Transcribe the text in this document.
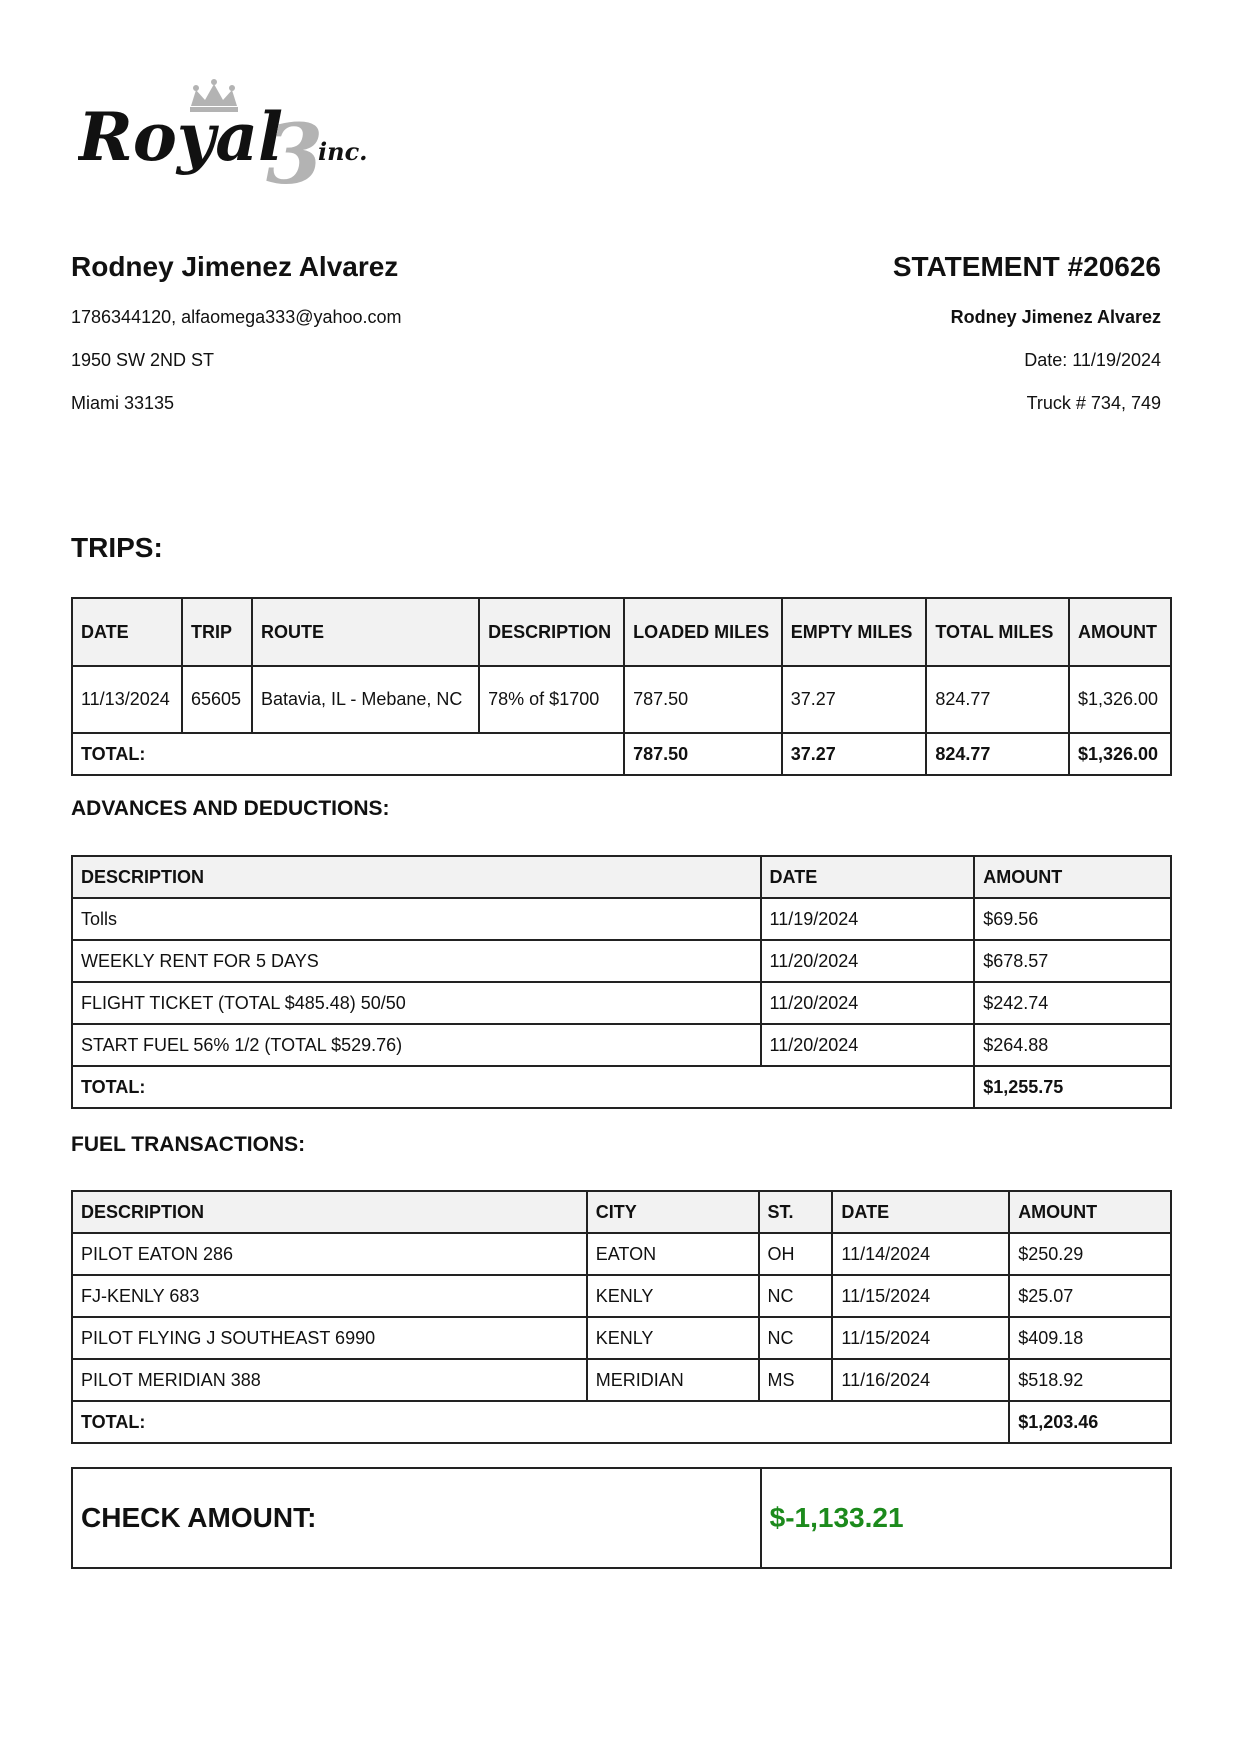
Royal
3
inc.
Rodney Jimenez Alvarez
1786344120, alfaomega333@yahoo.com
1950 SW 2ND ST
Miami 33135
STATEMENT #20626
Rodney Jimenez Alvarez
Date: 11/19/2024
Truck # 734, 749
TRIPS:
DATE	TRIP	ROUTE	DESCRIPTION	LOADED MILES	EMPTY MILES	TOTAL MILES	AMOUNT
11/13/2024	65605	Batavia, IL - Mebane, NC	78% of $1700	787.50	37.27	824.77	$1,326.00
TOTAL:				787.50	37.27	824.77	$1,326.00
ADVANCES AND DEDUCTIONS:
DESCRIPTION	DATE	AMOUNT
Tolls	11/19/2024	$69.56
WEEKLY RENT FOR 5 DAYS	11/20/2024	$678.57
FLIGHT TICKET (TOTAL $485.48) 50/50	11/20/2024	$242.74
START FUEL 56% 1/2 (TOTAL $529.76)	11/20/2024	$264.88
TOTAL:		$1,255.75
FUEL TRANSACTIONS:
DESCRIPTION	CITY	ST.	DATE	AMOUNT
PILOT EATON 286	EATON	OH	11/14/2024	$250.29
FJ-KENLY 683	KENLY	NC	11/15/2024	$25.07
PILOT FLYING J SOUTHEAST 6990	KENLY	NC	11/15/2024	$409.18
PILOT MERIDIAN 388	MERIDIAN	MS	11/16/2024	$518.92
TOTAL:				$1,203.46
CHECK AMOUNT:	$-1,133.21
